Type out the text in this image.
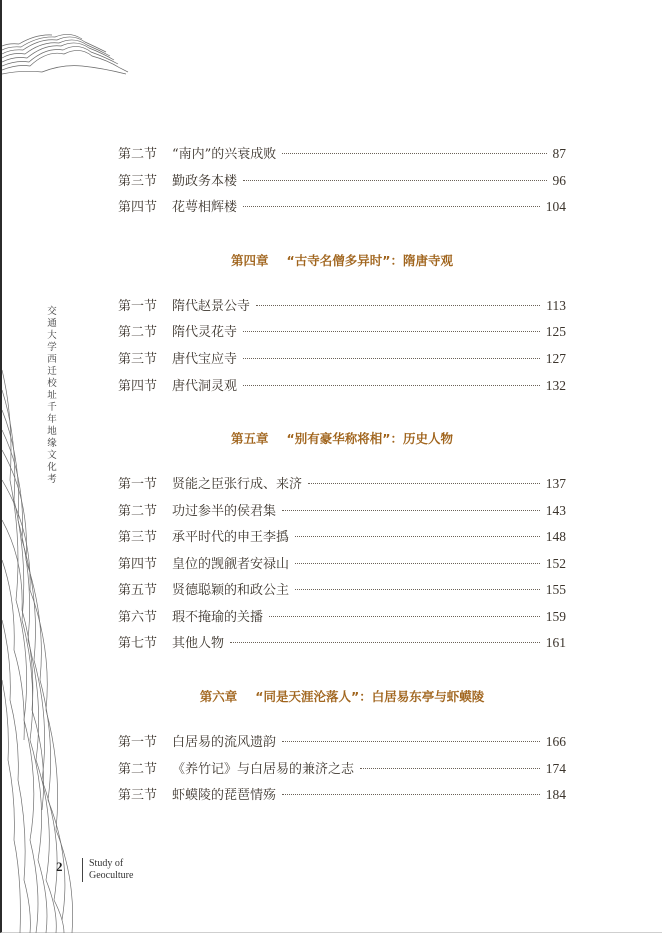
交通大学西迁校址千年地缘文化考
第二节	“南内”的兴衰成败	87
第三节	勤政务本楼	96
第四节	花萼相辉楼	104
第四章 “古寺名僧多异时”：隋唐寺观
第一节	隋代赵景公寺	113
第二节	隋代灵花寺	125
第三节	唐代宝应寺	127
第四节	唐代洞灵观	132
第五章 “别有豪华称将相”：历史人物
第一节	贤能之臣张行成、来济	137
第二节	功过参半的侯君集	143
第三节	承平时代的申王李撝	148
第四节	皇位的觊觎者安禄山	152
第五节	贤德聪颖的和政公主	155
第六节	瑕不掩瑜的关播	159
第七节	其他人物	161
第六章 “同是天涯沦落人”：白居易东亭与虾蟆陵
第一节	白居易的流风遗韵	166
第二节	《养竹记》与白居易的兼济之志	174
第三节	虾蟆陵的琵琶情殇	184
2	Study of
Geoculture
